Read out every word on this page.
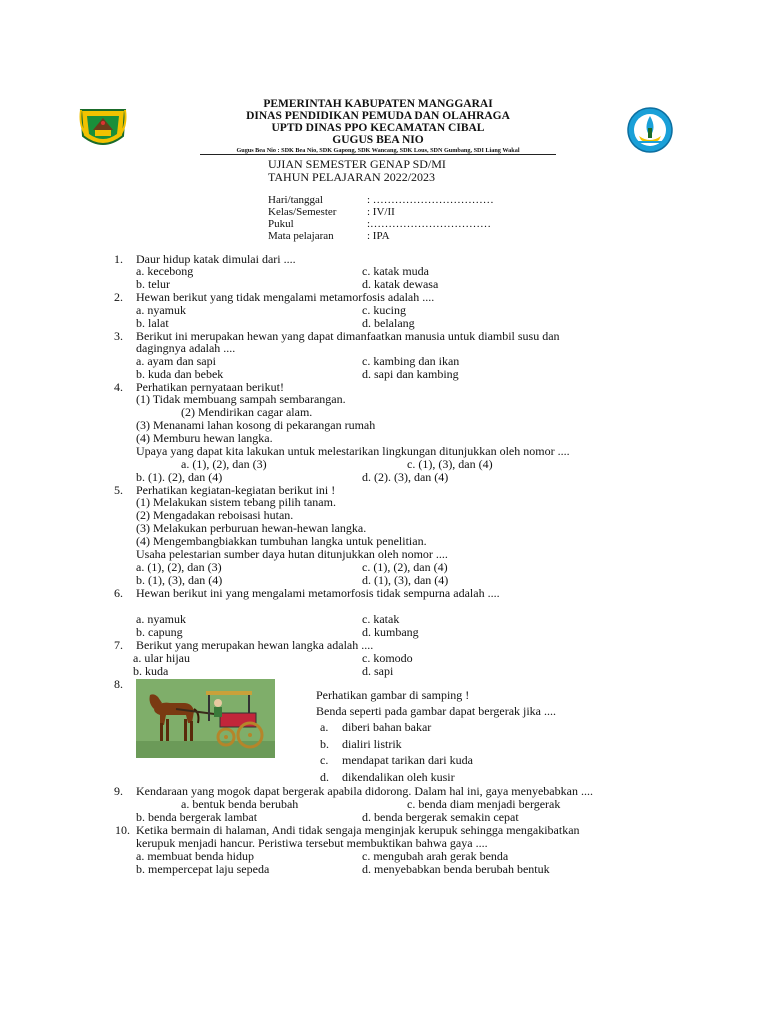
PEMERINTAH KABUPATEN MANGGARAI
DINAS PENDIDIKAN PEMUDA DAN OLAHRAGA
UPTD DINAS PPO KECAMATAN CIBAL
GUGUS BEA NIO
Gugus Bea Nio : SDK Bea Nio, SDK Gapong, SDK Wancang, SDK Lous, SDN Gumbang, SDI Liang Wakal
UJIAN SEMESTER GENAP SD/MI
TAHUN PELAJARAN 2022/2023
Hari/tanggal	: ……………………………
Kelas/Semester	: IV/II
Pukul	:……………………………
Mata pelajaran	: IPA
1. Daur hidup katak dimulai dari ....
a. kecebong	c. katak muda
b. telur	d. katak dewasa
2. Hewan berikut yang tidak mengalami metamorfosis adalah ....
a. nyamuk	c. kucing
b. lalat	d. belalang
3. Berikut ini merupakan hewan yang dapat dimanfaatkan manusia untuk diambil susu dan
dagingnya adalah ....
a. ayam dan sapi	c. kambing dan ikan
b. kuda dan bebek	d. sapi dan kambing
4. Perhatikan pernyataan berikut!
(1) Tidak membuang sampah sembarangan.
(2) Mendirikan cagar alam.
(3) Menanami lahan kosong di pekarangan rumah
(4) Memburu hewan langka.
Upaya yang dapat kita lakukan untuk melestarikan lingkungan ditunjukkan oleh nomor ....
a. (1), (2), dan (3)	c. (1), (3), dan (4)
b. (1). (2), dan (4)	d. (2). (3), dan (4)
5. Perhatikan kegiatan-kegiatan berikut ini !
(1) Melakukan sistem tebang pilih tanam.
(2) Mengadakan reboisasi hutan.
(3) Melakukan perburuan hewan-hewan langka.
(4) Mengembangbiakkan tumbuhan langka untuk penelitian.
Usaha pelestarian sumber daya hutan ditunjukkan oleh nomor ....
a. (1), (2), dan (3)	c. (1), (2), dan (4)
b. (1), (3), dan (4)	d. (1), (3), dan (4)
6. Hewan berikut ini yang mengalami metamorfosis tidak sempurna adalah ....
a. nyamuk	c. katak
b. capung	d. kumbang
7. Berikut yang merupakan hewan langka adalah ....
a. ular hijau	c. komodo
b. kuda	d. sapi
8.
Perhatikan gambar di samping !
Benda seperti pada gambar dapat bergerak jika ....
a. diberi bahan bakar
b. dialiri listrik
c. mendapat tarikan dari kuda
d. dikendalikan oleh kusir
9. Kendaraan yang mogok dapat bergerak apabila didorong. Dalam hal ini, gaya menyebabkan ....
a. bentuk benda berubah	c. benda diam menjadi bergerak
b. benda bergerak lambat	d. benda bergerak semakin cepat
10. Ketika bermain di halaman, Andi tidak sengaja menginjak kerupuk sehingga mengakibatkan
kerupuk menjadi hancur. Peristiwa tersebut membuktikan bahwa gaya ....
a. membuat benda hidup	c. mengubah arah gerak benda
b. mempercepat laju sepeda	d. menyebabkan benda berubah bentuk
